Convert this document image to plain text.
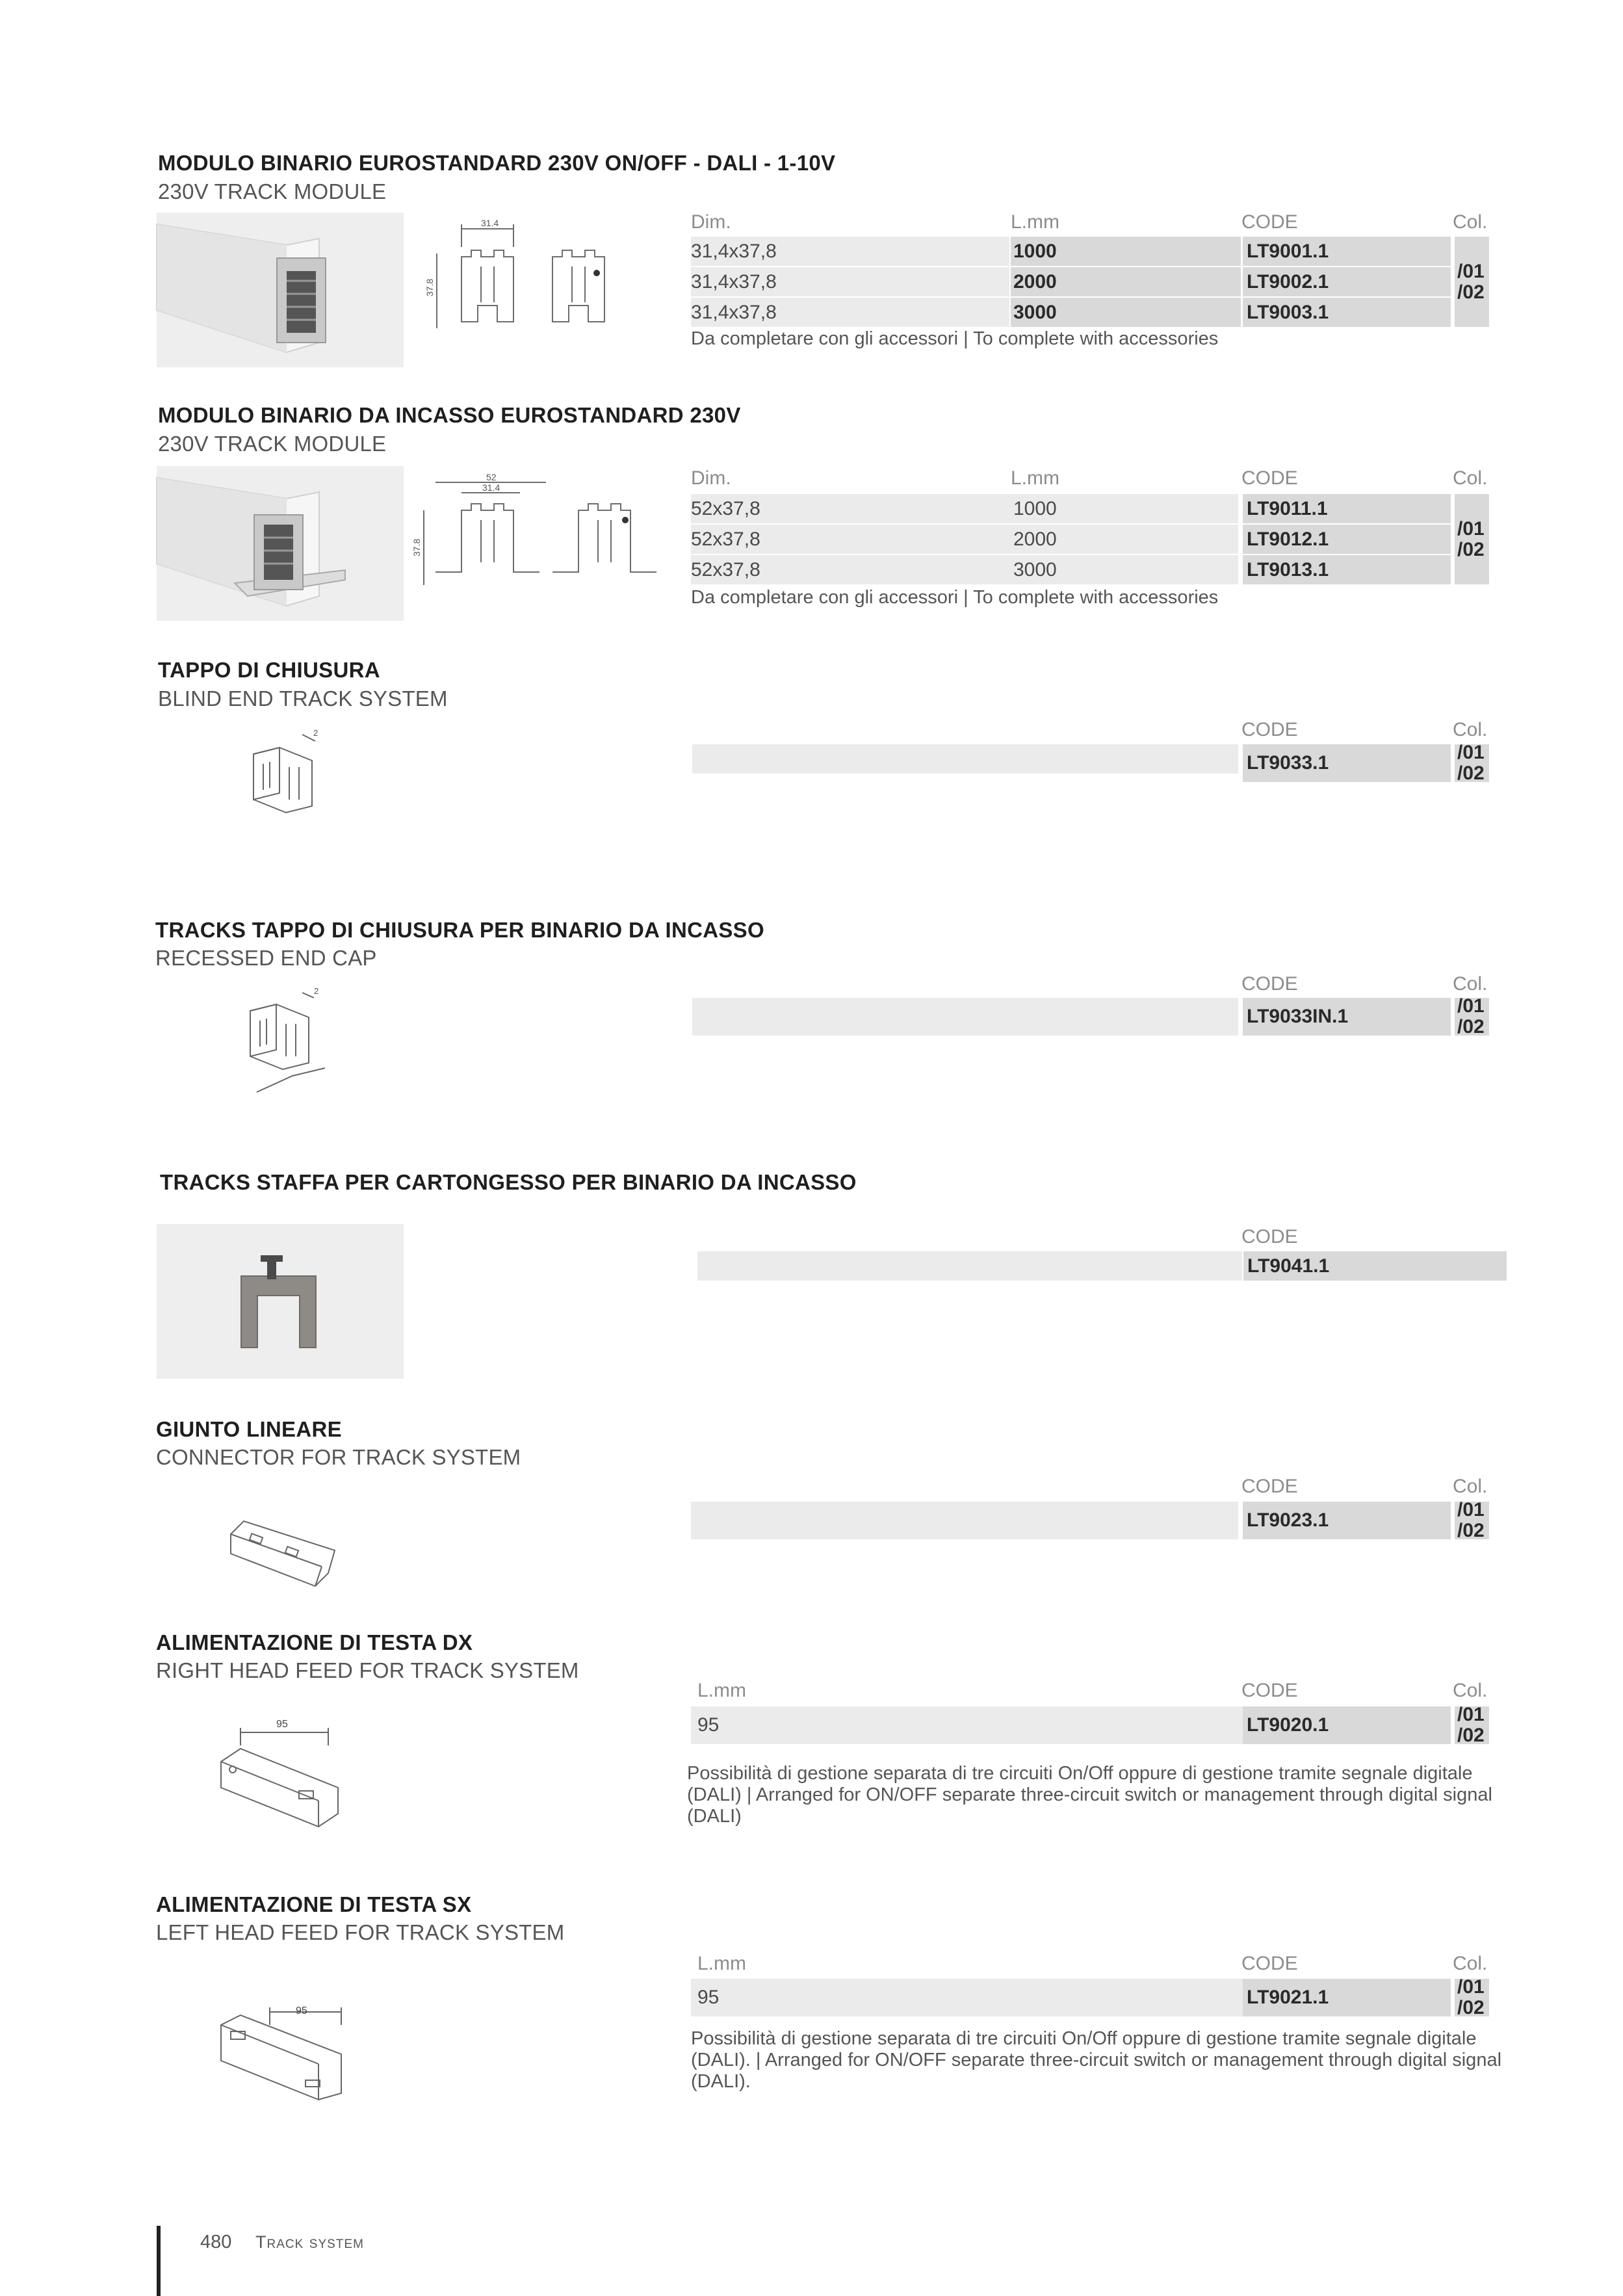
MODULO BINARIO EUROSTANDARD 230V ON/OFF - DALI - 1-10V
230V TRACK MODULE
31.4
37.8
Dim.	L.mm	CODE	Col.
31,4x37,8	1000	LT9001.1
31,4x37,8	2000	LT9002.1
31,4x37,8	3000	LT9003.1
/01
/02
Da completare con gli accessori | To complete with accessories
MODULO BINARIO DA INCASSO EUROSTANDARD 230V
230V TRACK MODULE
52
31.4
37.8
Dim.	L.mm	CODE	Col.
52x37,8	1000	LT9011.1
52x37,8	2000	LT9012.1
52x37,8	3000	LT9013.1
/01
/02
Da completare con gli accessori | To complete with accessories
TAPPO DI CHIUSURA
BLIND END TRACK SYSTEM
2	CODE	Col.
LT9033.1	/01
/02
TRACKS TAPPO DI CHIUSURA PER BINARIO DA INCASSO
RECESSED END CAP
2	CODE	Col.
LT9033IN.1	/01
/02
TRACKS STAFFA PER CARTONGESSO PER BINARIO DA INCASSO
CODE
LT9041.1
GIUNTO LINEARE
CONNECTOR FOR TRACK SYSTEM
CODE	Col.
LT9023.1	/01
/02
ALIMENTAZIONE DI TESTA DX
RIGHT HEAD FEED FOR TRACK SYSTEM
95
L.mm	CODE	Col.
95	LT9020.1	/01
/02
Possibilità di gestione separata di tre circuiti On/Off oppure di gestione tramite segnale digitale (DALI) | Arranged for ON/OFF separate three-circuit switch or management through digital signal (DALI)
ALIMENTAZIONE DI TESTA SX
LEFT HEAD FEED FOR TRACK SYSTEM
95
L.mm	CODE	Col.
95	LT9021.1	/01
/02
Possibilità di gestione separata di tre circuiti On/Off oppure di gestione tramite segnale digitale (DALI). | Arranged for ON/OFF separate three-circuit switch or management through digital signal (DALI).
480 Track system
